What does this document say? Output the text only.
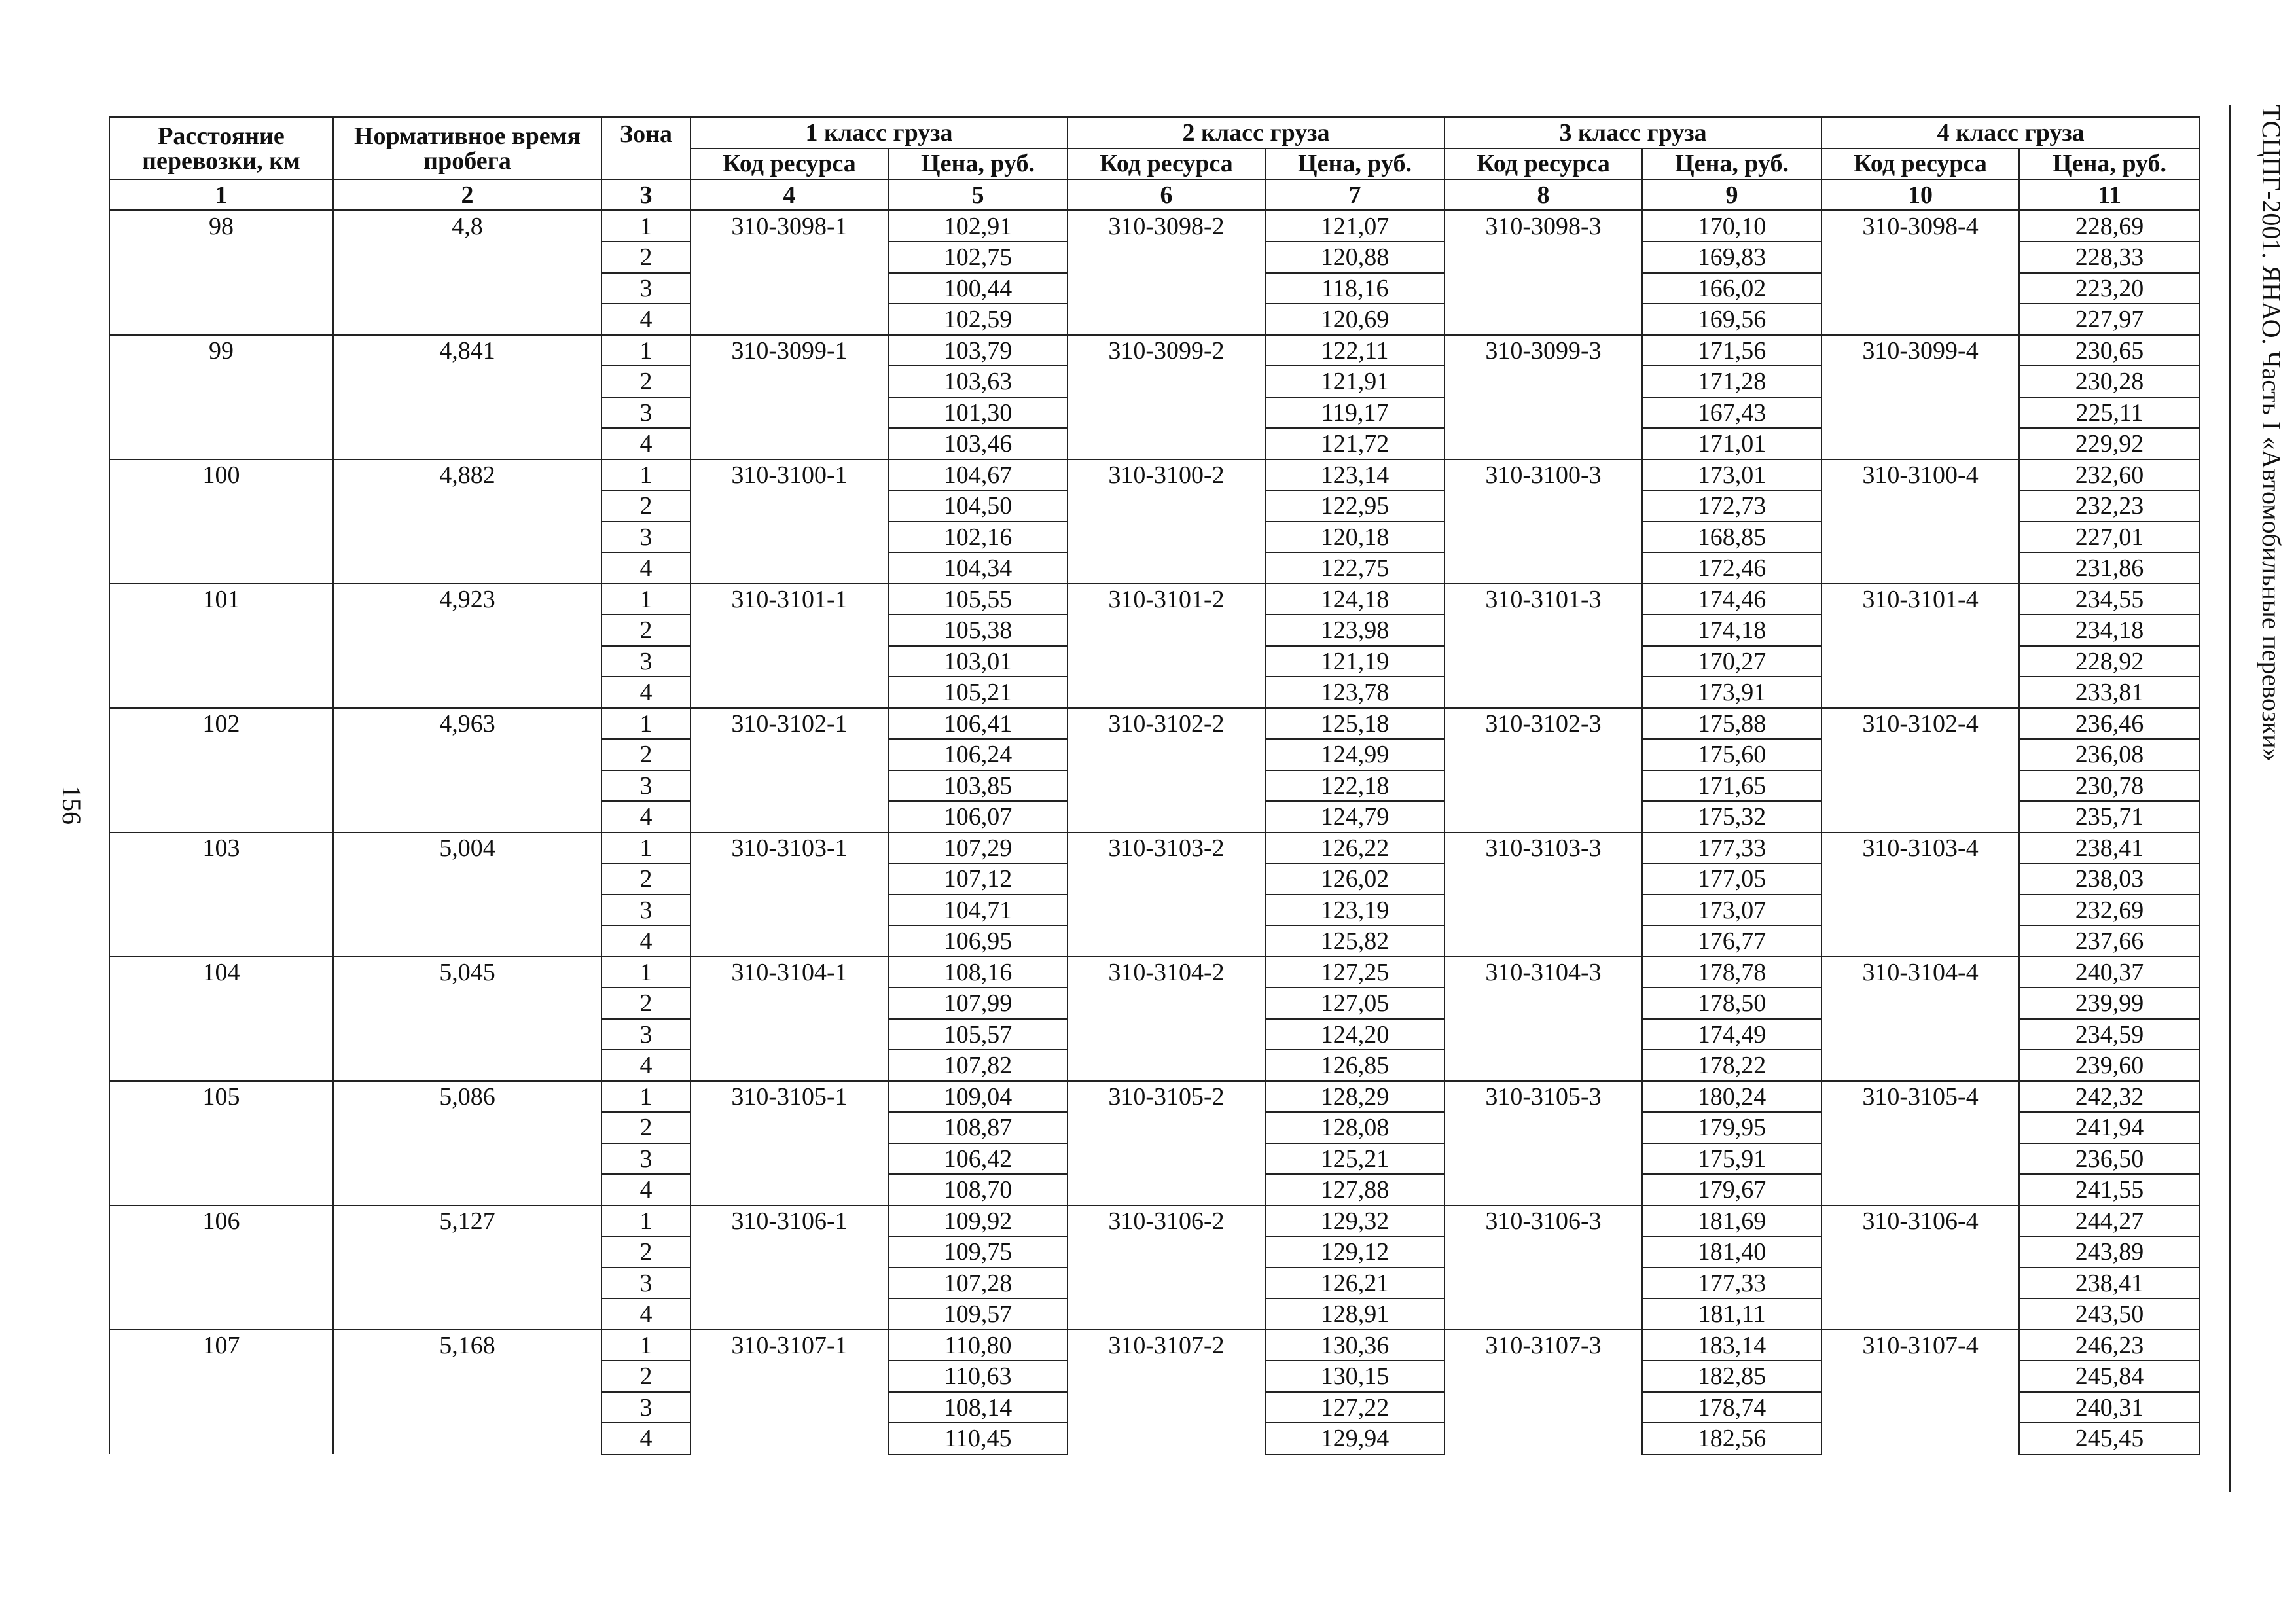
156
Расстояние перевозки, км	Нормативное время пробега	Зона	1 класс груза		2 класс груза		3 класс груза		4 класс груза	
			Код ресурса	Цена, руб.	Код ресурса	Цена, руб.	Код ресурса	Цена, руб.	Код ресурса	Цена, руб.
1	2	3	4	5	6	7	8	9	10	11
98	4,8	1	310-3098-1	102,91	310-3098-2	121,07	310-3098-3	170,10	310-3098-4	228,69
		2		102,75		120,88		169,83		228,33
		3		100,44		118,16		166,02		223,20
		4		102,59		120,69		169,56		227,97
99	4,841	1	310-3099-1	103,79	310-3099-2	122,11	310-3099-3	171,56	310-3099-4	230,65
		2		103,63		121,91		171,28		230,28
		3		101,30		119,17		167,43		225,11
		4		103,46		121,72		171,01		229,92
100	4,882	1	310-3100-1	104,67	310-3100-2	123,14	310-3100-3	173,01	310-3100-4	232,60
		2		104,50		122,95		172,73		232,23
		3		102,16		120,18		168,85		227,01
		4		104,34		122,75		172,46		231,86
101	4,923	1	310-3101-1	105,55	310-3101-2	124,18	310-3101-3	174,46	310-3101-4	234,55
		2		105,38		123,98		174,18		234,18
		3		103,01		121,19		170,27		228,92
		4		105,21		123,78		173,91		233,81
102	4,963	1	310-3102-1	106,41	310-3102-2	125,18	310-3102-3	175,88	310-3102-4	236,46
		2		106,24		124,99		175,60		236,08
		3		103,85		122,18		171,65		230,78
		4		106,07		124,79		175,32		235,71
103	5,004	1	310-3103-1	107,29	310-3103-2	126,22	310-3103-3	177,33	310-3103-4	238,41
		2		107,12		126,02		177,05		238,03
		3		104,71		123,19		173,07		232,69
		4		106,95		125,82		176,77		237,66
104	5,045	1	310-3104-1	108,16	310-3104-2	127,25	310-3104-3	178,78	310-3104-4	240,37
		2		107,99		127,05		178,50		239,99
		3		105,57		124,20		174,49		234,59
		4		107,82		126,85		178,22		239,60
105	5,086	1	310-3105-1	109,04	310-3105-2	128,29	310-3105-3	180,24	310-3105-4	242,32
		2		108,87		128,08		179,95		241,94
		3		106,42		125,21		175,91		236,50
		4		108,70		127,88		179,67		241,55
106	5,127	1	310-3106-1	109,92	310-3106-2	129,32	310-3106-3	181,69	310-3106-4	244,27
		2		109,75		129,12		181,40		243,89
		3		107,28		126,21		177,33		238,41
		4		109,57		128,91		181,11		243,50
107	5,168	1	310-3107-1	110,80	310-3107-2	130,36	310-3107-3	183,14	310-3107-4	246,23
		2		110,63		130,15		182,85		245,84
		3		108,14		127,22		178,74		240,31
		4		110,45		129,94		182,56		245,45
ТСЦПГ-2001. ЯНАО. Часть I «Автомобильные перевозки»
